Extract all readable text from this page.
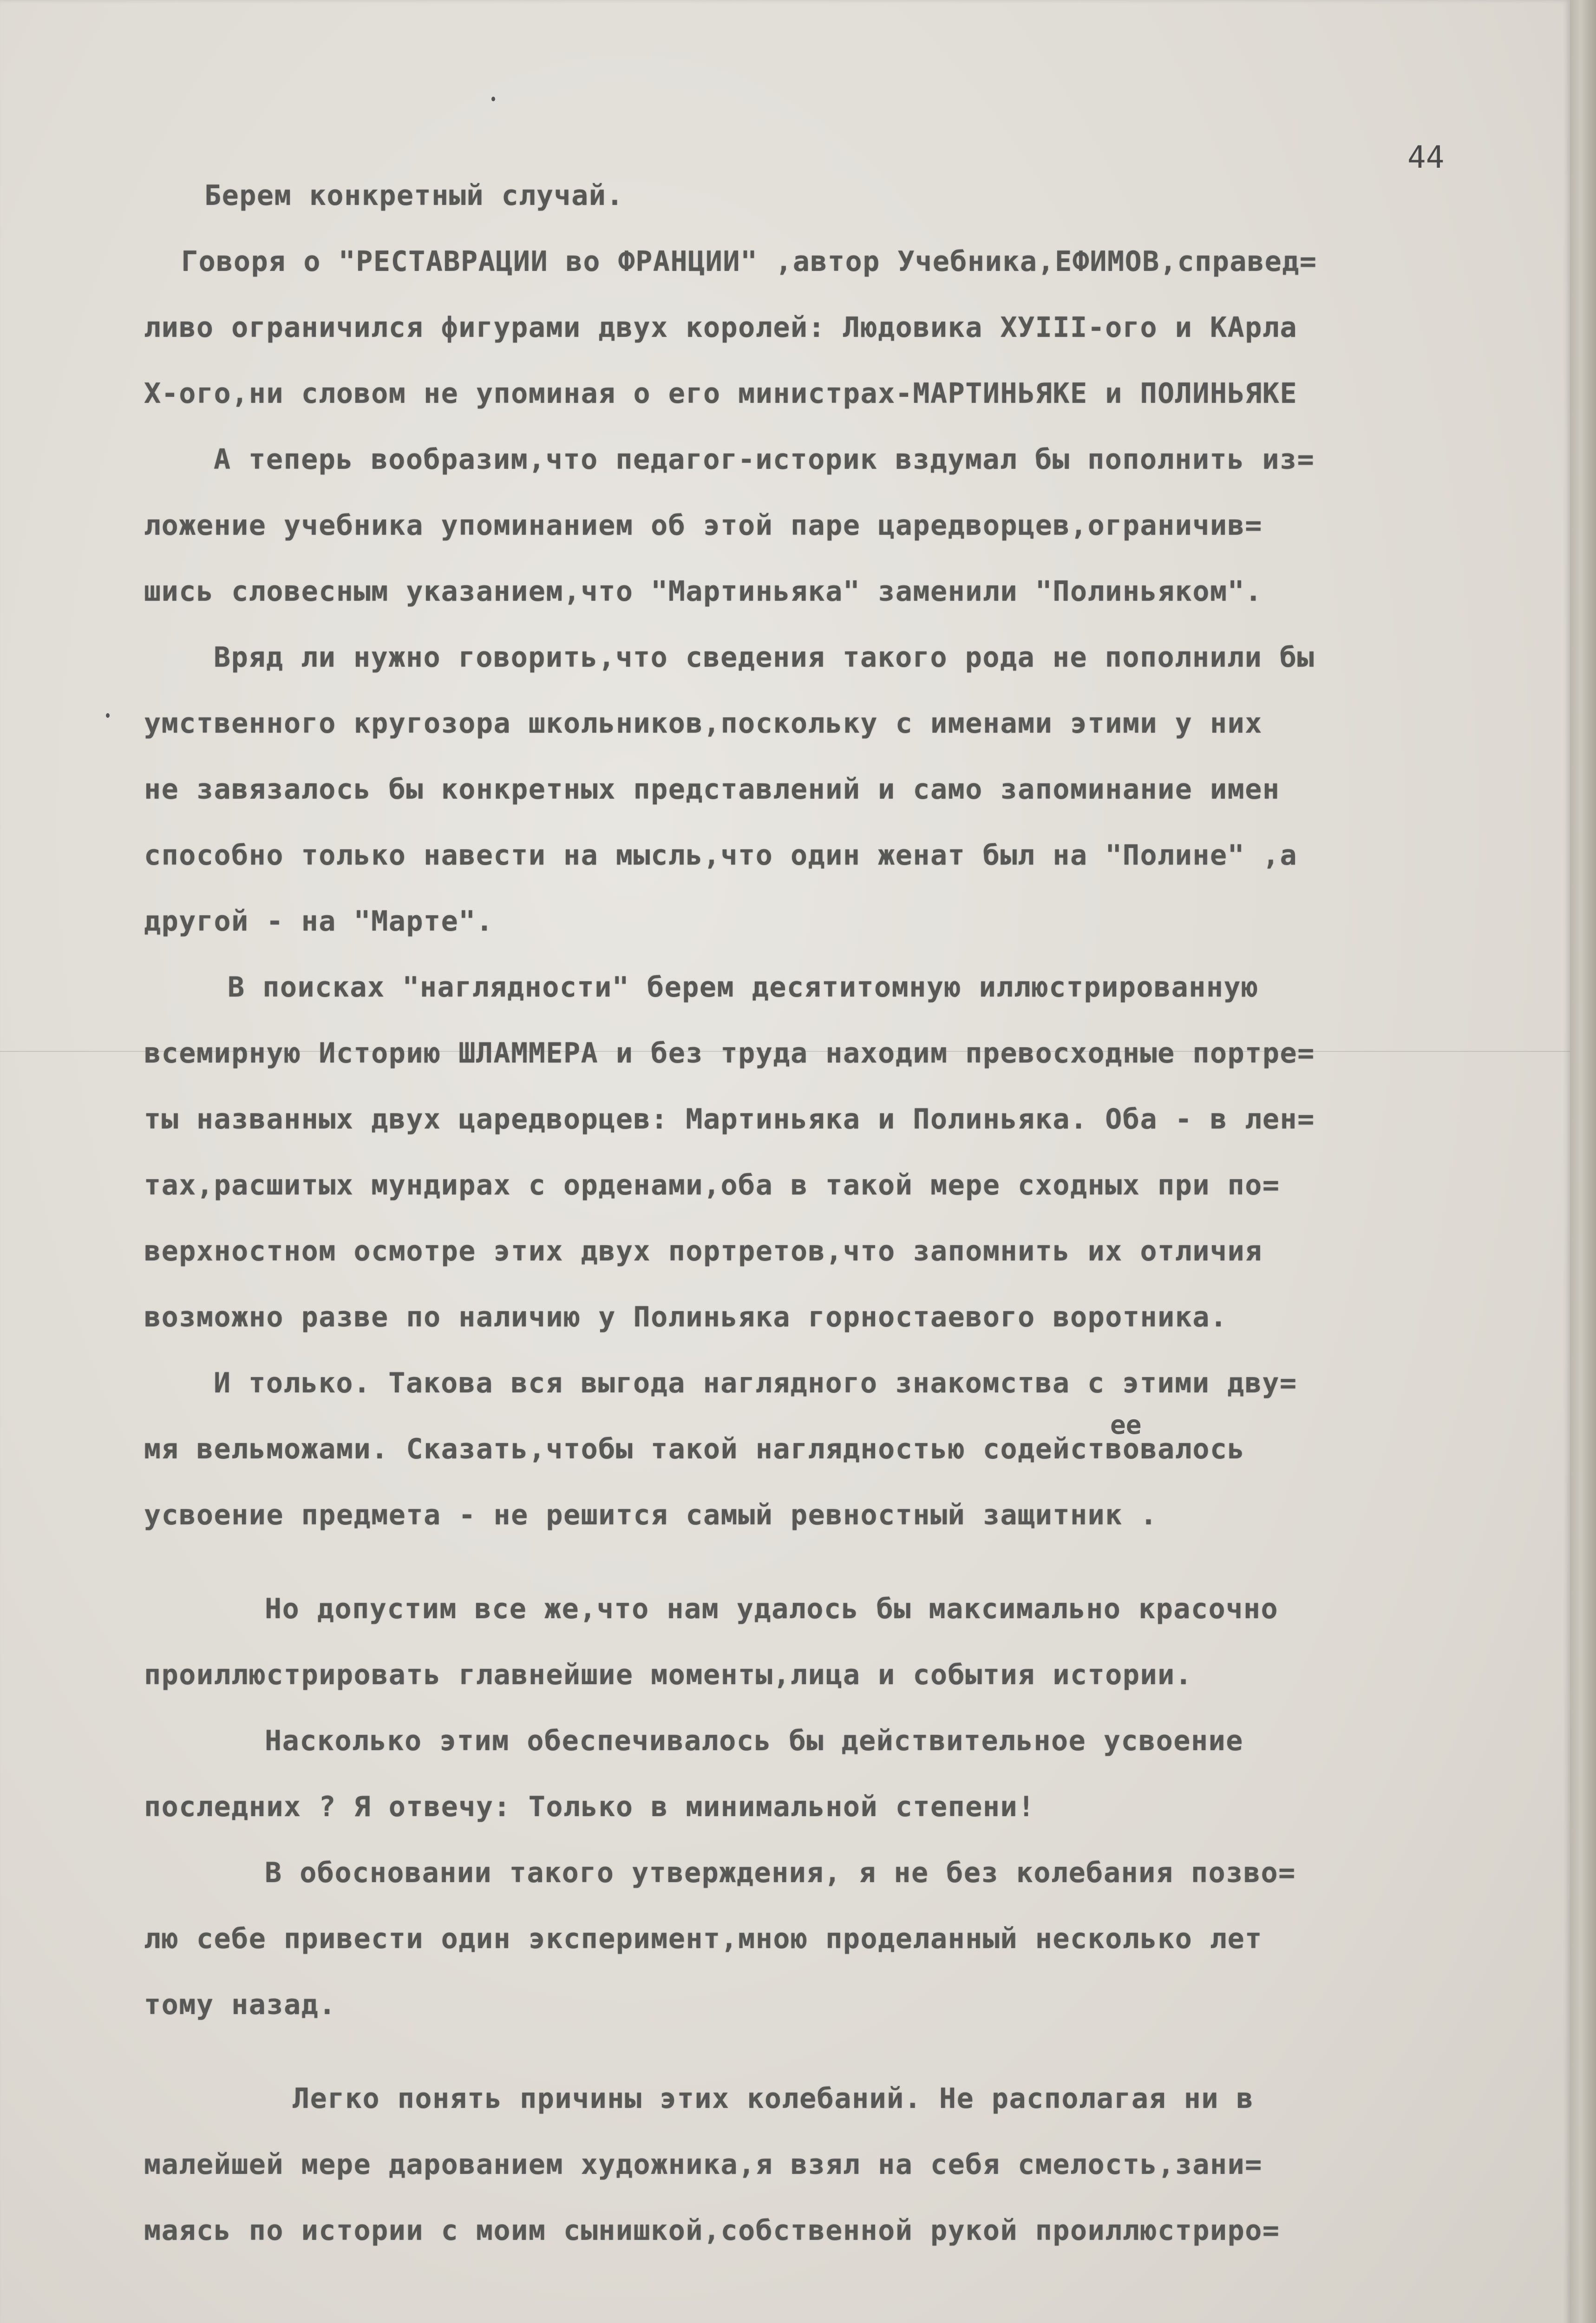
44
Берем конкретный случай.
Говоря о "РЕСТАВРАЦИИ во ФРАНЦИИ" ,автор Учебника,ЕФИМОВ,справед=
ливо ограничился фигурами двух королей: Людовика XУIII-ого и КАрла
Х-ого,ни словом не упоминая о его министрах-МАРТИНЬЯКЕ и ПОЛИНЬЯКЕ
А теперь вообразим,что педагог-историк вздумал бы пополнить из=
ложение учебника упоминанием об этой паре царедворцев,ограничив=
шись словесным указанием,что "Мартиньяка" заменили "Полиньяком".
Вряд ли нужно говорить,что сведения такого рода не пополнили бы
умственного кругозора школьников,поскольку с именами этими у них
не завязалось бы конкретных представлений и само запоминание имен
способно только навести на мысль,что один женат был на "Полине" ,а
другой - на "Марте".
В поисках "наглядности" берем десятитомную иллюстрированную
всемирную Историю ШЛАММЕРА и без труда находим превосходные портре=
ты названных двух царедворцев: Мартиньяка и Полиньяка. Оба - в лен=
тах,расшитых мундирах с орденами,оба в такой мере сходных при по=
верхностном осмотре этих двух портретов,что запомнить их отличия
возможно разве по наличию у Полиньяка горностаевого воротника.
И только. Такова вся выгода наглядного знакомства с этими дву=
мя вельможами. Сказать,чтобы такой наглядностью содействовалось
усвоение предмета - не решится самый ревностный защитник .
Но допустим все же,что нам удалось бы максимально красочно
проиллюстрировать главнейшие моменты,лица и события истории.
Насколько этим обеспечивалось бы действительное усвоение
последних ? Я отвечу: Только в минимальной степени!
В обосновании такого утверждения, я не без колебания позво=
лю себе привести один эксперимент,мною проделанный несколько лет
тому назад.
Легко понять причины этих колебаний. Не располагая ни в
малейшей мере дарованием художника,я взял на себя смелость,зани=
маясь по истории с моим сынишкой,собственной рукой проиллюстриро=
ее
